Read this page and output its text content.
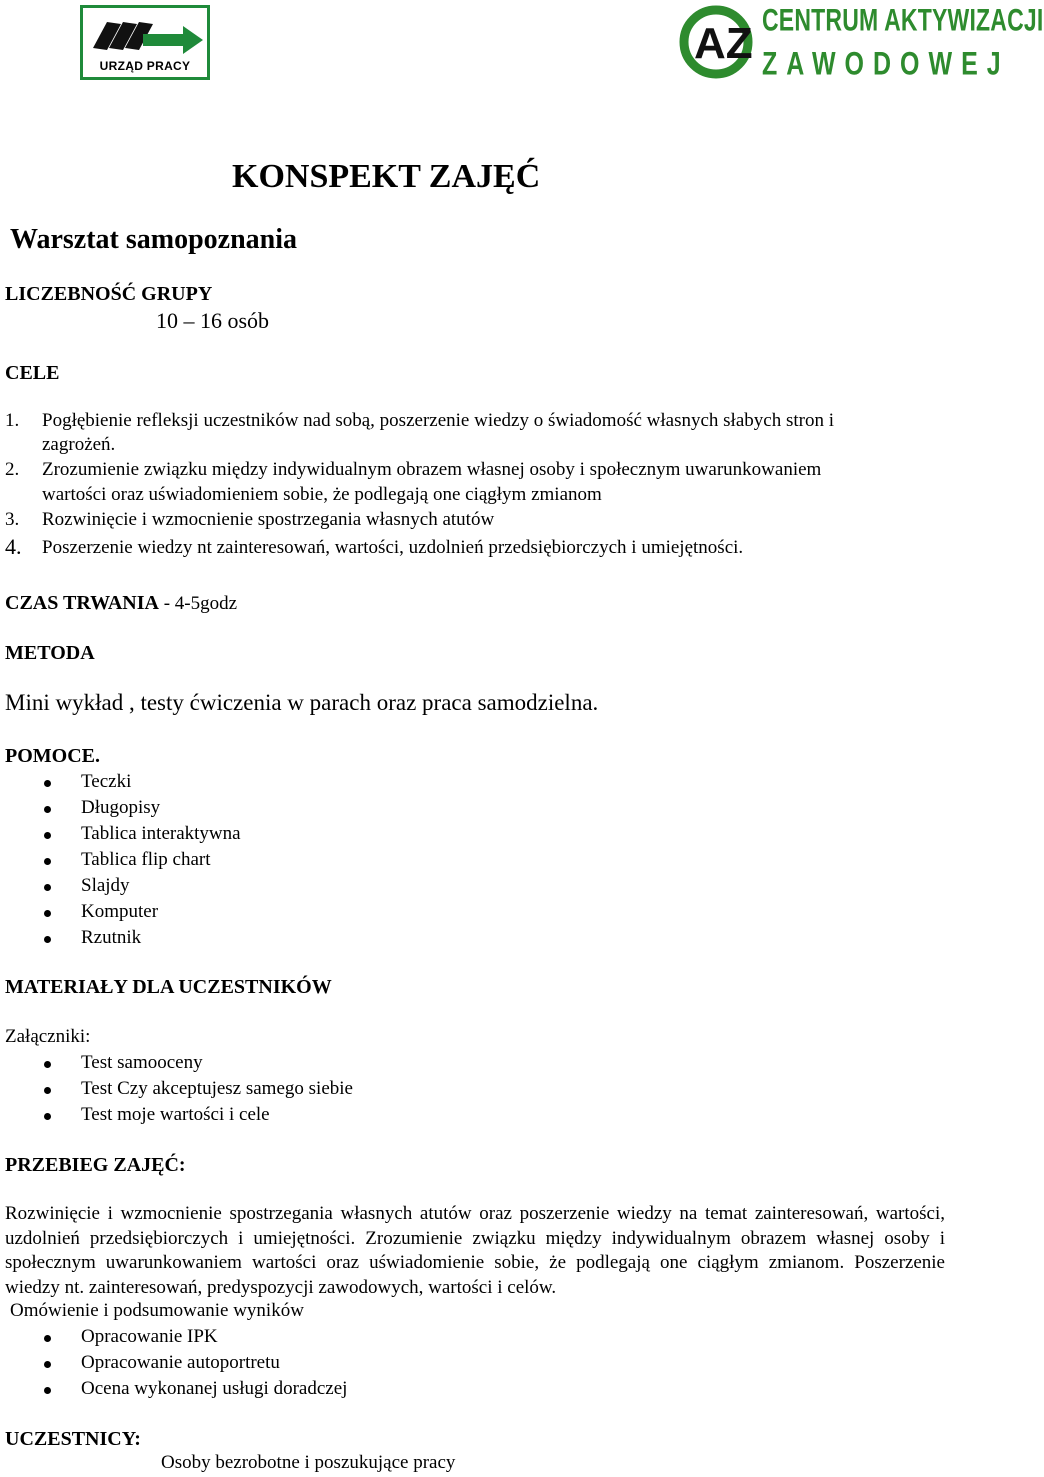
URZĄD PRACY	AZ CENTRUM AKTYWIZACJI
ZAWODOWEJ
KONSPEKT ZAJĘĆ
Warsztat samopoznania
LICZEBNOŚĆ GRUPY
10 – 16 osób
CELE
1. Pogłębienie refleksji uczestników nad sobą, poszerzenie wiedzy o świadomość własnych słabych stron i
zagrożeń.
2. Zrozumienie związku między indywidualnym obrazem własnej osoby i społecznym uwarunkowaniem
wartości oraz uświadomieniem sobie, że podlegają one ciągłym zmianom
3. Rozwinięcie i wzmocnienie spostrzegania własnych atutów
4. Poszerzenie wiedzy nt zainteresowań, wartości, uzdolnień przedsiębiorczych i umiejętności.
CZAS TRWANIA - 4-5godz
METODA
Mini wykład , testy ćwiczenia w parach oraz praca samodzielna.
POMOCE.
Teczki
Długopisy
Tablica interaktywna
Tablica flip chart
Slajdy
Komputer
Rzutnik
MATERIAŁY DLA UCZESTNIKÓW
Załączniki:
Test samooceny
Test Czy akceptujesz samego siebie
Test moje wartości i cele
PRZEBIEG ZAJĘĆ:
Rozwinięcie i wzmocnienie spostrzegania własnych atutów oraz poszerzenie wiedzy na temat zainteresowań, wartości, uzdolnień przedsiębiorczych i umiejętności. Zrozumienie związku między indywidualnym obrazem własnej osoby i społecznym uwarunkowaniem wartości oraz uświadomienie sobie, że podlegają one ciągłym zmianom. Poszerzenie wiedzy nt. zainteresowań, predyspozycji zawodowych, wartości i celów.
Omówienie i podsumowanie wyników
Opracowanie IPK
Opracowanie autoportretu
Ocena wykonanej usługi doradczej
UCZESTNICY:
Osoby bezrobotne i poszukujące pracy
